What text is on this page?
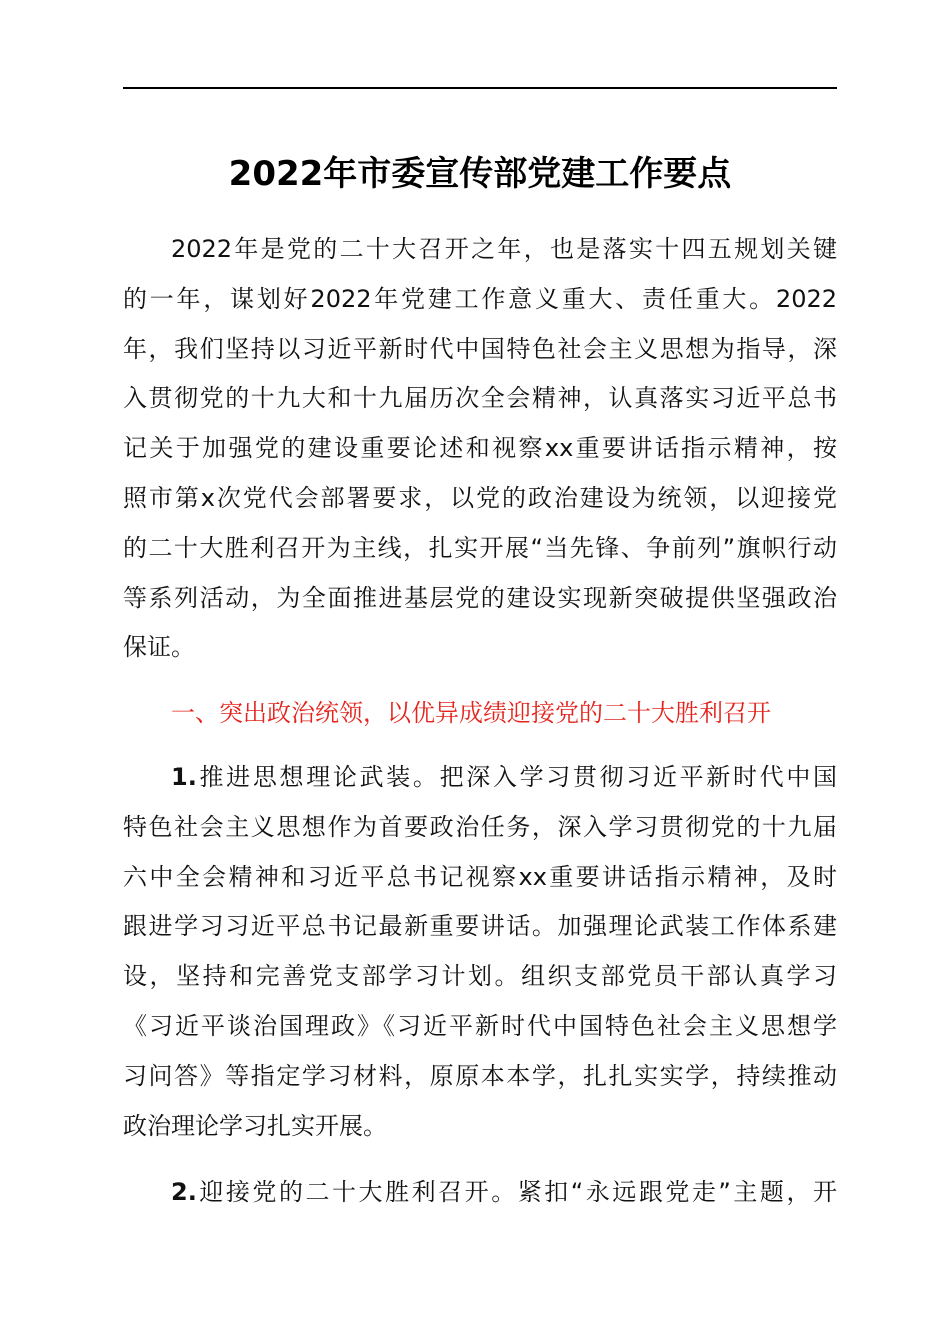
2022年市委宣传部党建工作要点
2022年是党的二十大召开之年，也是落实十四五规划关键
的一年，谋划好2022年党建工作意义重大、责任重大。2022
年，我们坚持以习近平新时代中国特色社会主义思想为指导，深
入贯彻党的十九大和十九届历次全会精神，认真落实习近平总书
记关于加强党的建设重要论述和视察xx重要讲话指示精神，按
照市第x次党代会部署要求，以党的政治建设为统领，以迎接党
的二十大胜利召开为主线，扎实开展“当先锋、争前列”旗帜行动
等系列活动，为全面推进基层党的建设实现新突破提供坚强政治
保证。
一、突出政治统领，以优异成绩迎接党的二十大胜利召开
1.推进思想理论武装。把深入学习贯彻习近平新时代中国
特色社会主义思想作为首要政治任务，深入学习贯彻党的十九届
六中全会精神和习近平总书记视察xx重要讲话指示精神，及时
跟进学习习近平总书记最新重要讲话。加强理论武装工作体系建
设，坚持和完善党支部学习计划。组织支部党员干部认真学习
《习近平谈治国理政》《习近平新时代中国特色社会主义思想学
习问答》等指定学习材料，原原本本学，扎扎实实学，持续推动
政治理论学习扎实开展。
2.迎接党的二十大胜利召开。紧扣“永远跟党走”主题，开
